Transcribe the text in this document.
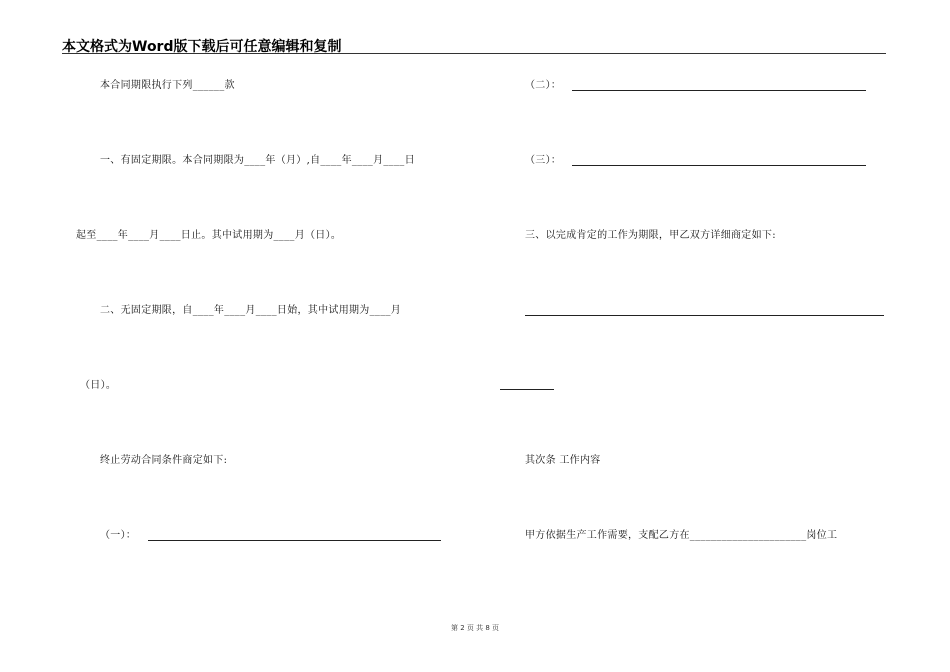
本文格式为Word版下载后可任意编辑和复制
本合同期限执行下列______款
一、有固定期限。本合同期限为____年（月）,自____年____月____日
起至____年____月____日止。其中试用期为____月（日）。
二、无固定期限，自____年____月____日始，其中试用期为____月
（日）。
终止劳动合同条件商定如下:
（一）：
（二）：
（三）：
三、以完成肯定的工作为期限，甲乙双方详细商定如下:
其次条 工作内容
甲方依据生产工作需要，支配乙方在______________________岗位工
第 2 页 共 8 页
